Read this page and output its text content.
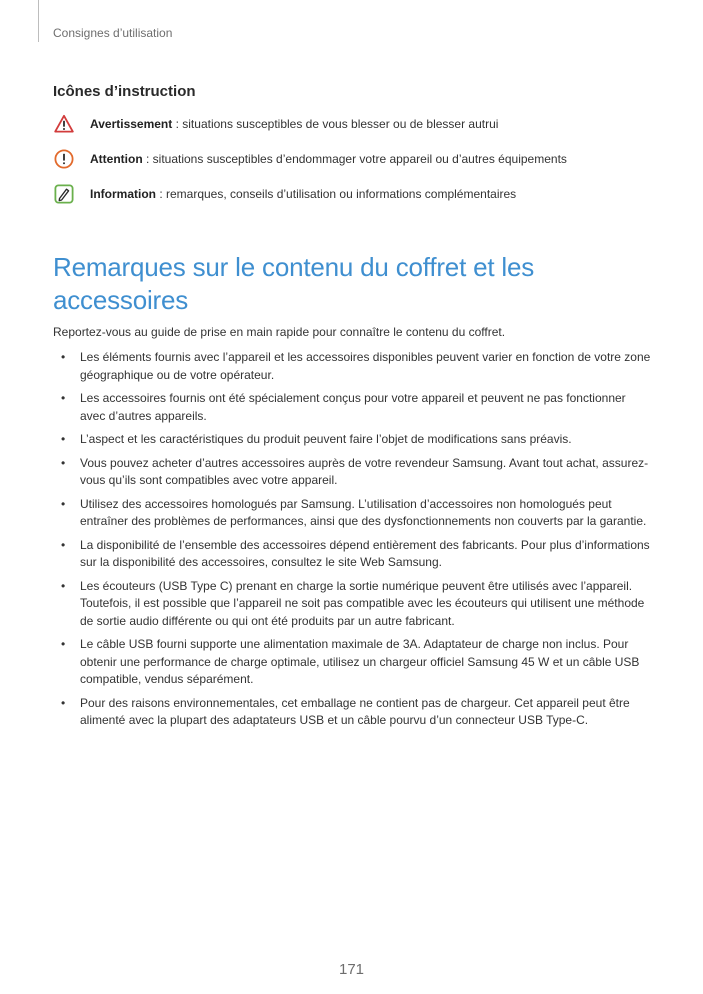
Consignes d’utilisation
Icônes d’instruction
Avertissement : situations susceptibles de vous blesser ou de blesser autrui
Attention : situations susceptibles d’endommager votre appareil ou d’autres équipements
Information : remarques, conseils d’utilisation ou informations complémentaires
Remarques sur le contenu du coffret et les
accessoires

Reportez-vous au guide de prise en main rapide pour connaître le contenu du coffret.

• Les éléments fournis avec l’appareil et les accessoires disponibles peuvent varier en fonction de votre zone géographique ou de votre opérateur.
• Les accessoires fournis ont été spécialement conçus pour votre appareil et peuvent ne pas fonctionner avec d’autres appareils.
• L’aspect et les caractéristiques du produit peuvent faire l’objet de modifications sans préavis.
• Vous pouvez acheter d’autres accessoires auprès de votre revendeur Samsung. Avant tout achat, assurez-vous qu’ils sont compatibles avec votre appareil.
• Utilisez des accessoires homologués par Samsung. L’utilisation d’accessoires non homologués peut entraîner des problèmes de performances, ainsi que des dysfonctionnements non couverts par la garantie.
• La disponibilité de l’ensemble des accessoires dépend entièrement des fabricants. Pour plus d’informations sur la disponibilité des accessoires, consultez le site Web Samsung.
• Les écouteurs (USB Type C) prenant en charge la sortie numérique peuvent être utilisés avec l’appareil. Toutefois, il est possible que l’appareil ne soit pas compatible avec les écouteurs qui utilisent une méthode de sortie audio différente ou qui ont été produits par un autre fabricant.
• Le câble USB fourni supporte une alimentation maximale de 3A. Adaptateur de charge non inclus. Pour obtenir une performance de charge optimale, utilisez un chargeur officiel Samsung 45 W et un câble USB compatible, vendus séparément.
• Pour des raisons environnementales, cet emballage ne contient pas de chargeur. Cet appareil peut être alimenté avec la plupart des adaptateurs USB et un câble pourvu d’un connecteur USB Type-C.
171
